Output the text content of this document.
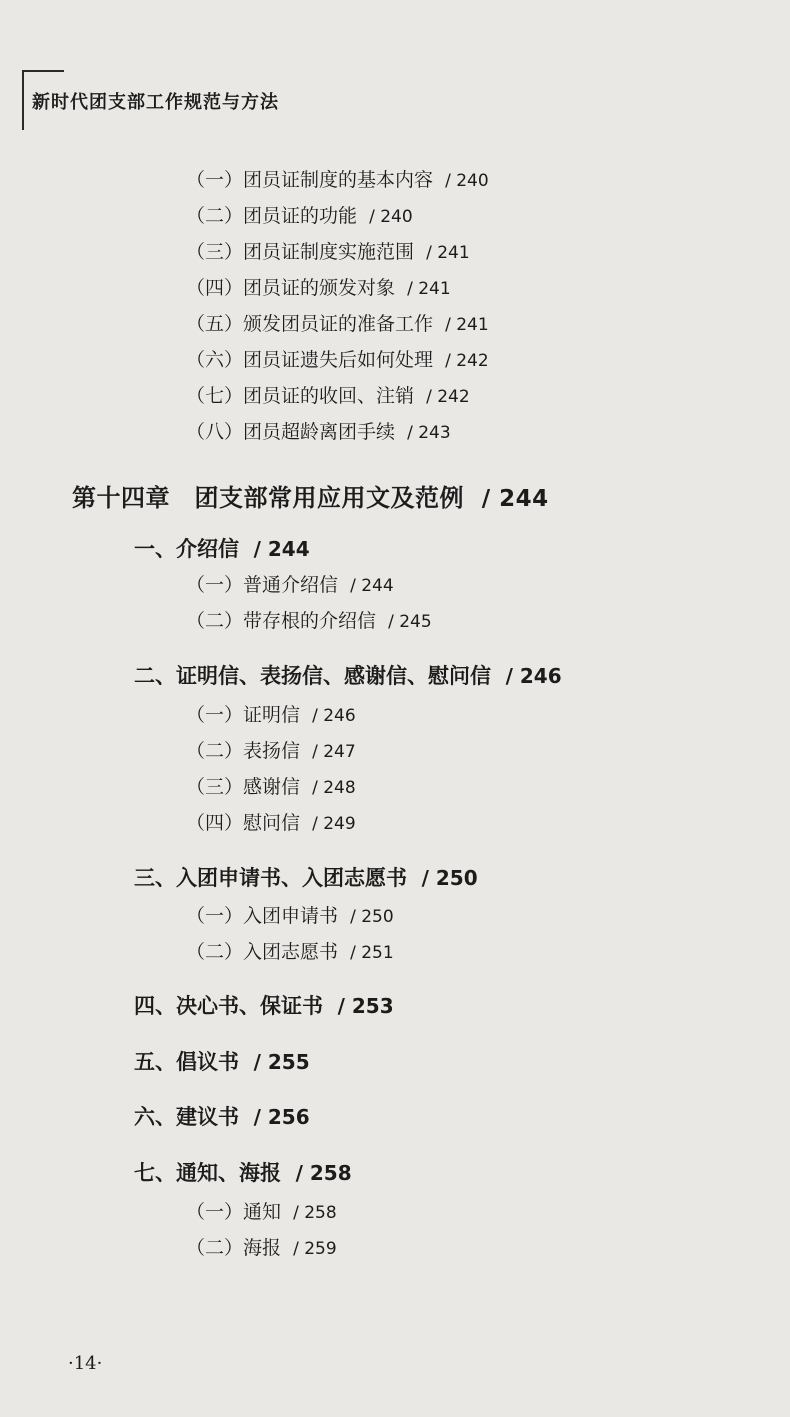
新时代团支部工作规范与方法
（一）团员证制度的基本内容 / 240
（二）团员证的功能 / 240
（三）团员证制度实施范围 / 241
（四）团员证的颁发对象 / 241
（五）颁发团员证的准备工作 / 241
（六）团员证遗失后如何处理 / 242
（七）团员证的收回、注销 / 242
（八）团员超龄离团手续 / 243
第十四章　团支部常用应用文及范例 / 244
一、介绍信 / 244
（一）普通介绍信 / 244
（二）带存根的介绍信 / 245
二、证明信、表扬信、感谢信、慰问信 / 246
（一）证明信 / 246
（二）表扬信 / 247
（三）感谢信 / 248
（四）慰问信 / 249
三、入团申请书、入团志愿书 / 250
（一）入团申请书 / 250
（二）入团志愿书 / 251
四、决心书、保证书 / 253
五、倡议书 / 255
六、建议书 / 256
七、通知、海报 / 258
（一）通知 / 258
（二）海报 / 259
·14·
